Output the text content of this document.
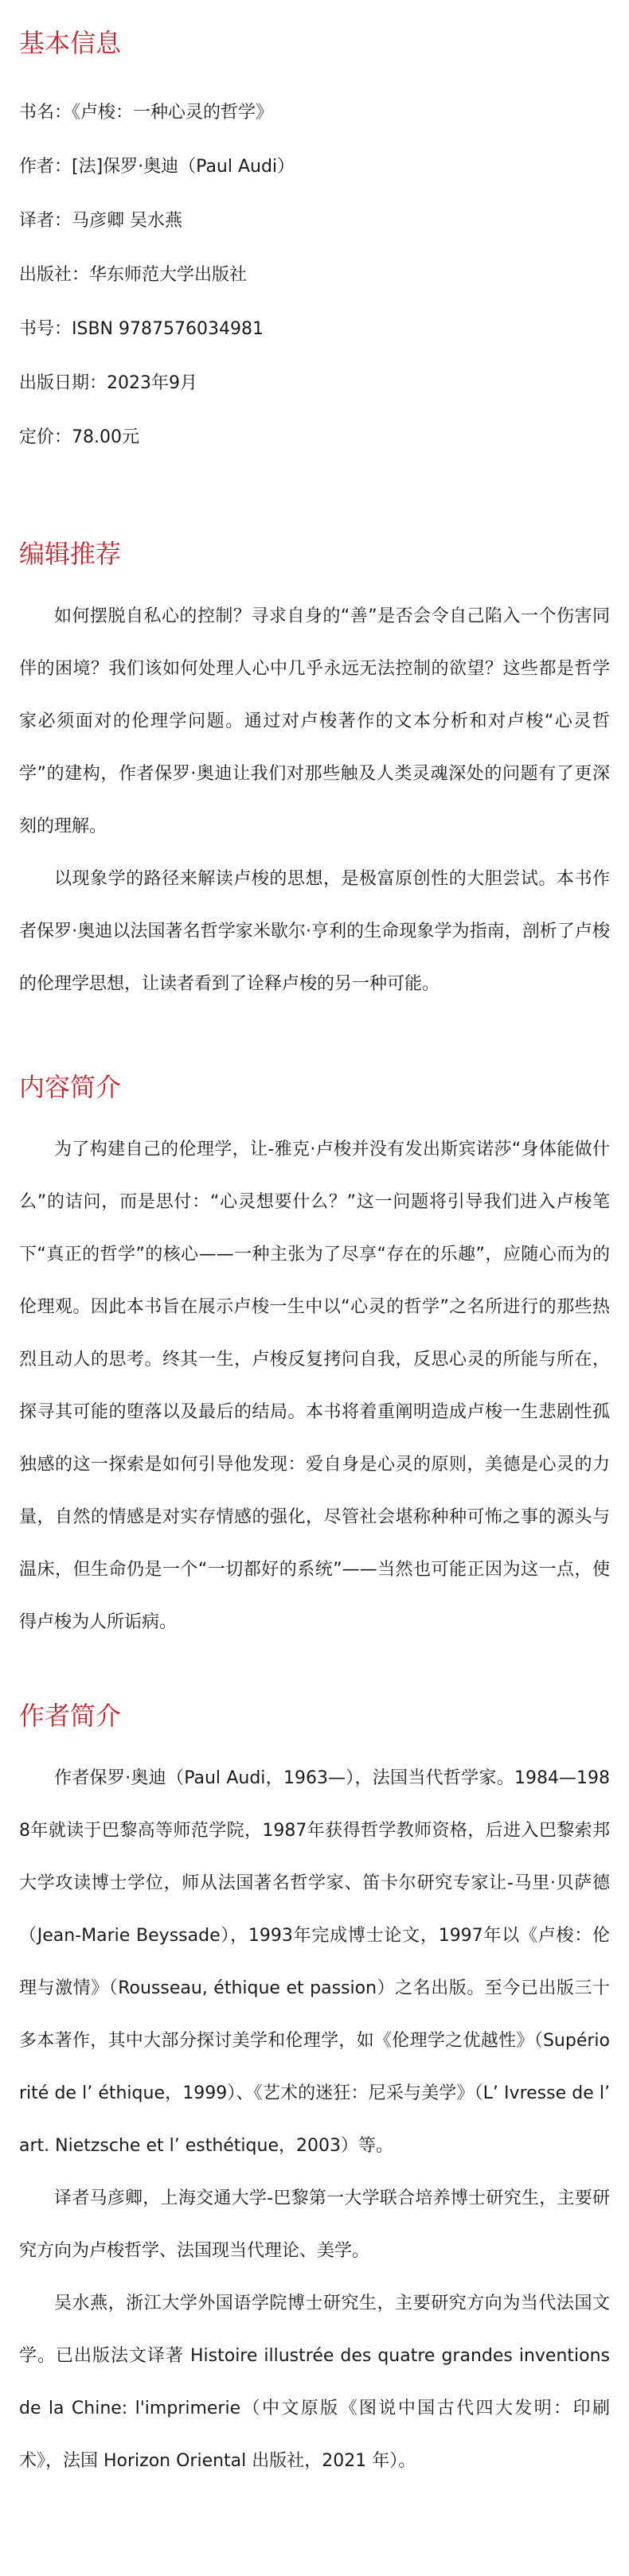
基本信息

书名：《卢梭：一种心灵的哲学》

作者：[法]保罗·奥迪（Paul Audi）

译者：马彦卿 吴水燕

出版社：华东师范大学出版社

书号：ISBN 9787576034981

出版日期：2023年9月

定价：78.00元

编辑推荐

如何摆脱自私心的控制？寻求自身的“善”是否会令自己陷入一个伤害同伴的困境？我们该如何处理人心中几乎永远无法控制的欲望？这些都是哲学家必须面对的伦理学问题。通过对卢梭著作的文本分析和对卢梭“心灵哲学”的建构，作者保罗·奥迪让我们对那些触及人类灵魂深处的问题有了更深刻的理解。

以现象学的路径来解读卢梭的思想，是极富原创性的大胆尝试。本书作者保罗·奥迪以法国著名哲学家米歇尔·亨利的生命现象学为指南，剖析了卢梭的伦理学思想，让读者看到了诠释卢梭的另一种可能。

内容简介

为了构建自己的伦理学，让-雅克·卢梭并没有发出斯宾诺莎“身体能做什么”的诘问，而是思付：“心灵想要什么？”这一问题将引导我们进入卢梭笔下“真正的哲学”的核心——一种主张为了尽享“存在的乐趣”，应随心而为的伦理观。因此本书旨在展示卢梭一生中以“心灵的哲学”之名所进行的那些热烈且动人的思考。终其一生，卢梭反复拷问自我，反思心灵的所能与所在，探寻其可能的堕落以及最后的结局。本书将着重阐明造成卢梭一生悲剧性孤独感的这一探索是如何引导他发现：爱自身是心灵的原则，美德是心灵的力量，自然的情感是对实存情感的强化，尽管社会堪称种种可怖之事的源头与温床，但生命仍是一个“一切都好的系统”——当然也可能正因为这一点，使得卢梭为人所诟病。

作者简介

作者保罗·奥迪（Paul Audi，1963—），法国当代哲学家。1984—1988年就读于巴黎高等师范学院，1987年获得哲学教师资格，后进入巴黎索邦大学攻读博士学位，师从法国著名哲学家、笛卡尔研究专家让-马里·贝萨德（Jean-Marie Beyssade），1993年完成博士论文，1997年以《卢梭：伦理与激情》（Rousseau, éthique et passion）之名出版。至今已出版三十多本著作，其中大部分探讨美学和伦理学，如《伦理学之优越性》（Supériorité de l’ éthique，1999）、《艺术的迷狂：尼采与美学》（L’ Ivresse de l’ art. Nietzsche et l’ esthétique，2003）等。

译者马彦卿，上海交通大学-巴黎第一大学联合培养博士研究生，主要研究方向为卢梭哲学、法国现当代理论、美学。

吴水燕，浙江大学外国语学院博士研究生，主要研究方向为当代法国文学。已出版法文译著 Histoire illustrée des quatre grandes inventions de la Chine: l'imprimerie（中文原版《图说中国古代四大发明：印刷术》，法国 Horizon Oriental 出版社，2021 年）。
